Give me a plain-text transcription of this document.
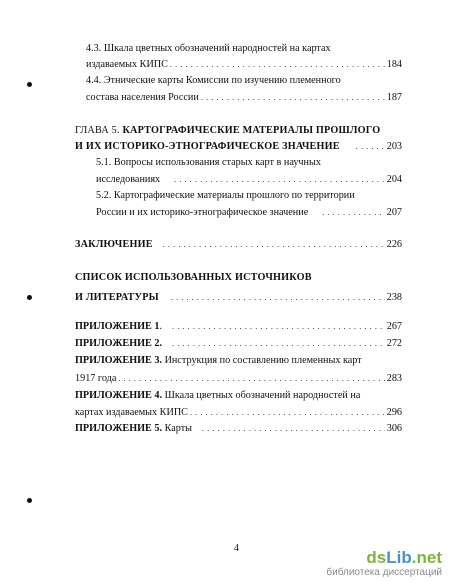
4.3. Шкала цветных обозначений народностей на картах
издаваемых КИПС . . .	184
4.4. Этнические карты Комиссии по изучению племенного
состава населения России . . .	187
ГЛАВА 5. КАРТОГРАФИЧЕСКИЕ МАТЕРИАЛЫ ПРОШЛОГО
И ИХ ИСТОРИКО-ЭТНОГРАФИЧЕСКОЕ ЗНАЧЕНИЕ . . .	203
5.1. Вопросы использования старых карт в научных
исследованиях . . .	204
5.2. Картографические материалы прошлого по территории
России и их историко-этнографическое значение . . .	207
ЗАКЛЮЧЕНИЕ . . .	226
СПИСОК ИСПОЛЬЗОВАННЫХ ИСТОЧНИКОВ
И ЛИТЕРАТУРЫ . . .	238
ПРИЛОЖЕНИЕ 1. . . .	267
ПРИЛОЖЕНИЕ 2. . . .	272
ПРИЛОЖЕНИЕ 3. Инструкция по составлению племенных карт
1917 года . . .	283
ПРИЛОЖЕНИЕ 4. Шкала цветных обозначений народностей на
картах издаваемых КИПС . . .	296
ПРИЛОЖЕНИЕ 5. Карты . . .	306
4	dsLib.net
библиотека диссертаций
